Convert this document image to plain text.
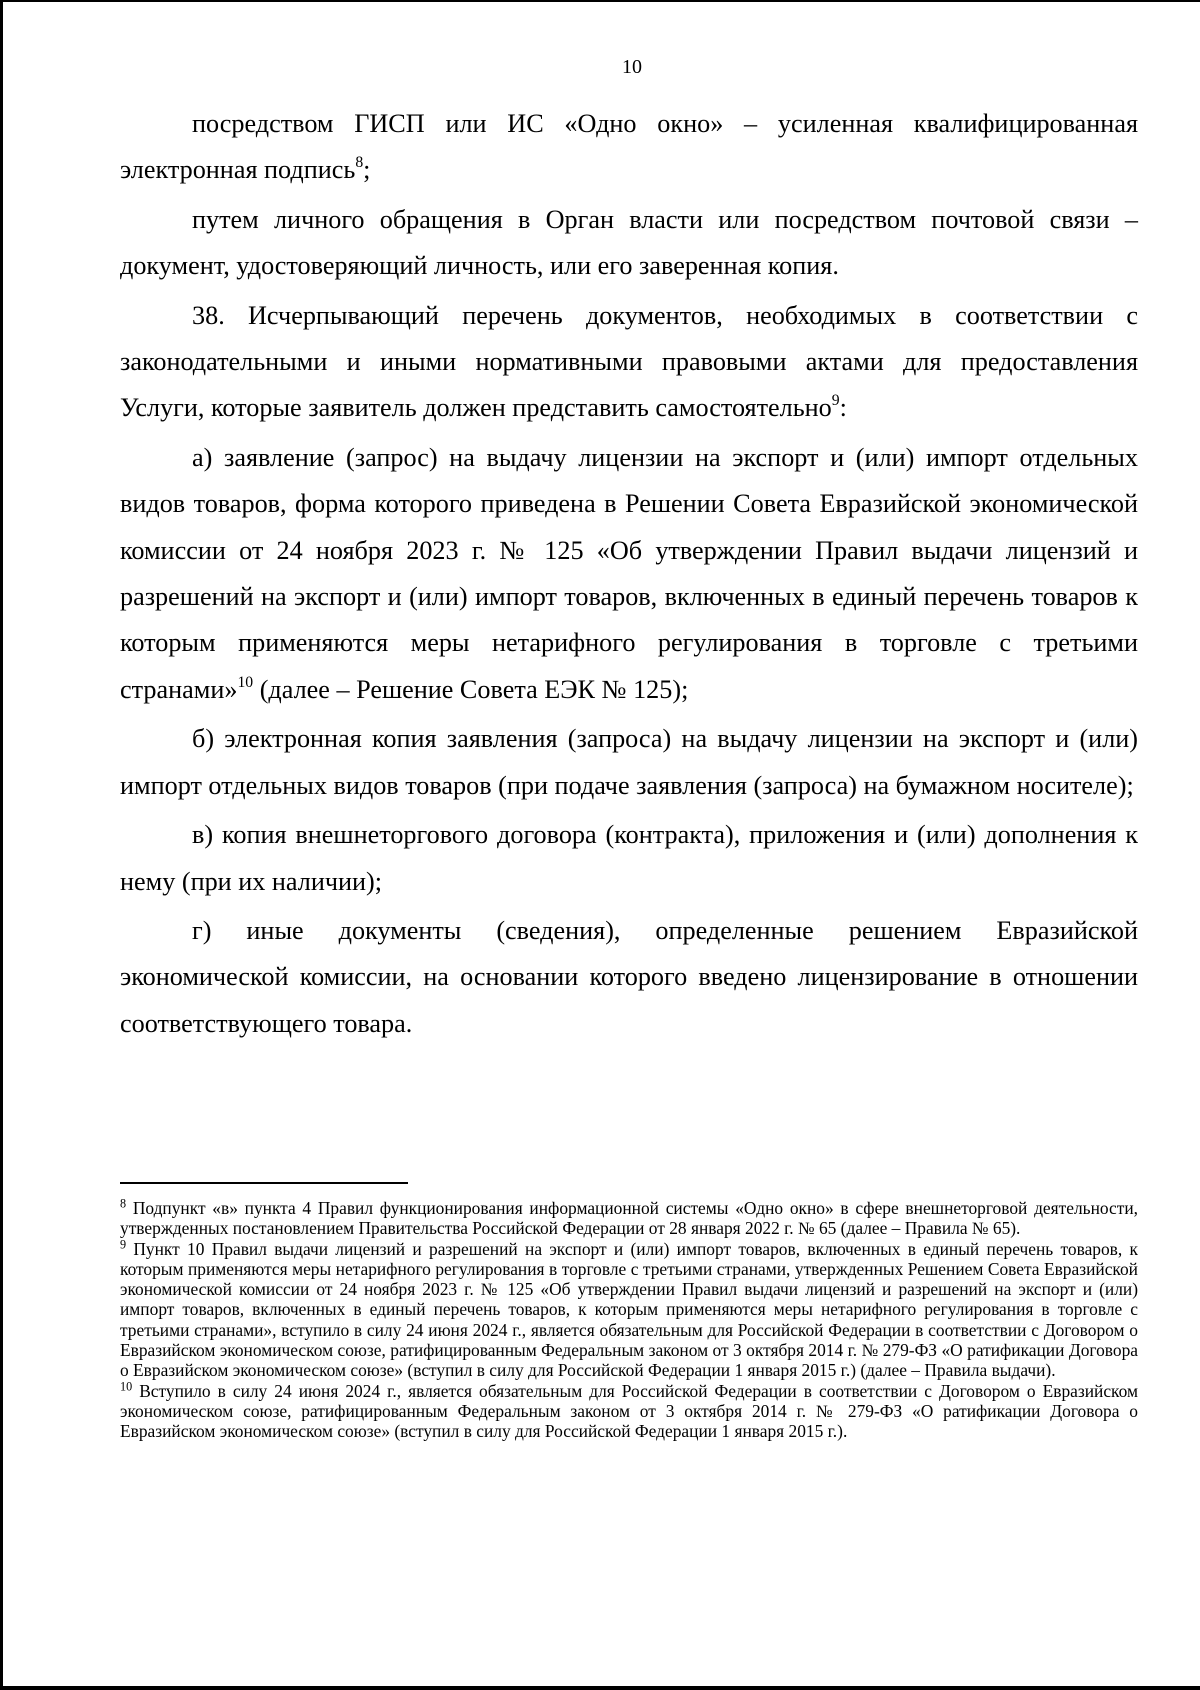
10

посредством ГИСП или ИС «Одно окно» – усиленная квалифицированная электронная подпись$^8$;

путем личного обращения в Орган власти или посредством почтовой связи – документ, удостоверяющий личность, или его заверенная копия.

38. Исчерпывающий перечень документов, необходимых в соответствии с законодательными и иными нормативными правовыми актами для предоставления Услуги, которые заявитель должен представить самостоятельно$^9$:

а) заявление (запрос) на выдачу лицензии на экспорт и (или) импорт отдельных видов товаров, форма которого приведена в Решении Совета Евразийской экономической комиссии от 24 ноября 2023 г. № 125 «Об утверждении Правил выдачи лицензий и разрешений на экспорт и (или) импорт товаров, включенных в единый перечень товаров к которым применяются меры нетарифного регулирования в торговле с третьими странами»$^{10}$ (далее – Решение Совета ЕЭК № 125);

б) электронная копия заявления (запроса) на выдачу лицензии на экспорт и (или) импорт отдельных видов товаров (при подаче заявления (запроса) на бумажном носителе);

в) копия внешнеторгового договора (контракта), приложения и (или) дополнения к нему (при их наличии);

г) иные документы (сведения), определенные решением Евразийской экономической комиссии, на основании которого введено лицензирование в отношении соответствующего товара.

$^8$ Подпункт «в» пункта 4 Правил функционирования информационной системы «Одно окно» в сфере внешнеторговой деятельности, утвержденных постановлением Правительства Российской Федерации от 28 января 2022 г. № 65 (далее – Правила № 65).

$^9$ Пункт 10 Правил выдачи лицензий и разрешений на экспорт и (или) импорт товаров, включенных в единый перечень товаров, к которым применяются меры нетарифного регулирования в торговле с третьими странами, утвержденных Решением Совета Евразийской экономической комиссии от 24 ноября 2023 г. № 125 «Об утверждении Правил выдачи лицензий и разрешений на экспорт и (или) импорт товаров, включенных в единый перечень товаров, к которым применяются меры нетарифного регулирования в торговле с третьими странами», вступило в силу 24 июня 2024 г., является обязательным для Российской Федерации в соответствии с Договором о Евразийском экономическом союзе, ратифицированным Федеральным законом от 3 октября 2014 г. № 279-ФЗ «О ратификации Договора о Евразийском экономическом союзе» (вступил в силу для Российской Федерации 1 января 2015 г.) (далее – Правила выдачи).

$^{10}$ Вступило в силу 24 июня 2024 г., является обязательным для Российской Федерации в соответствии с Договором о Евразийском экономическом союзе, ратифицированным Федеральным законом от 3 октября 2014 г. № 279-ФЗ «О ратификации Договора о Евразийском экономическом союзе» (вступил в силу для Российской Федерации 1 января 2015 г.).
